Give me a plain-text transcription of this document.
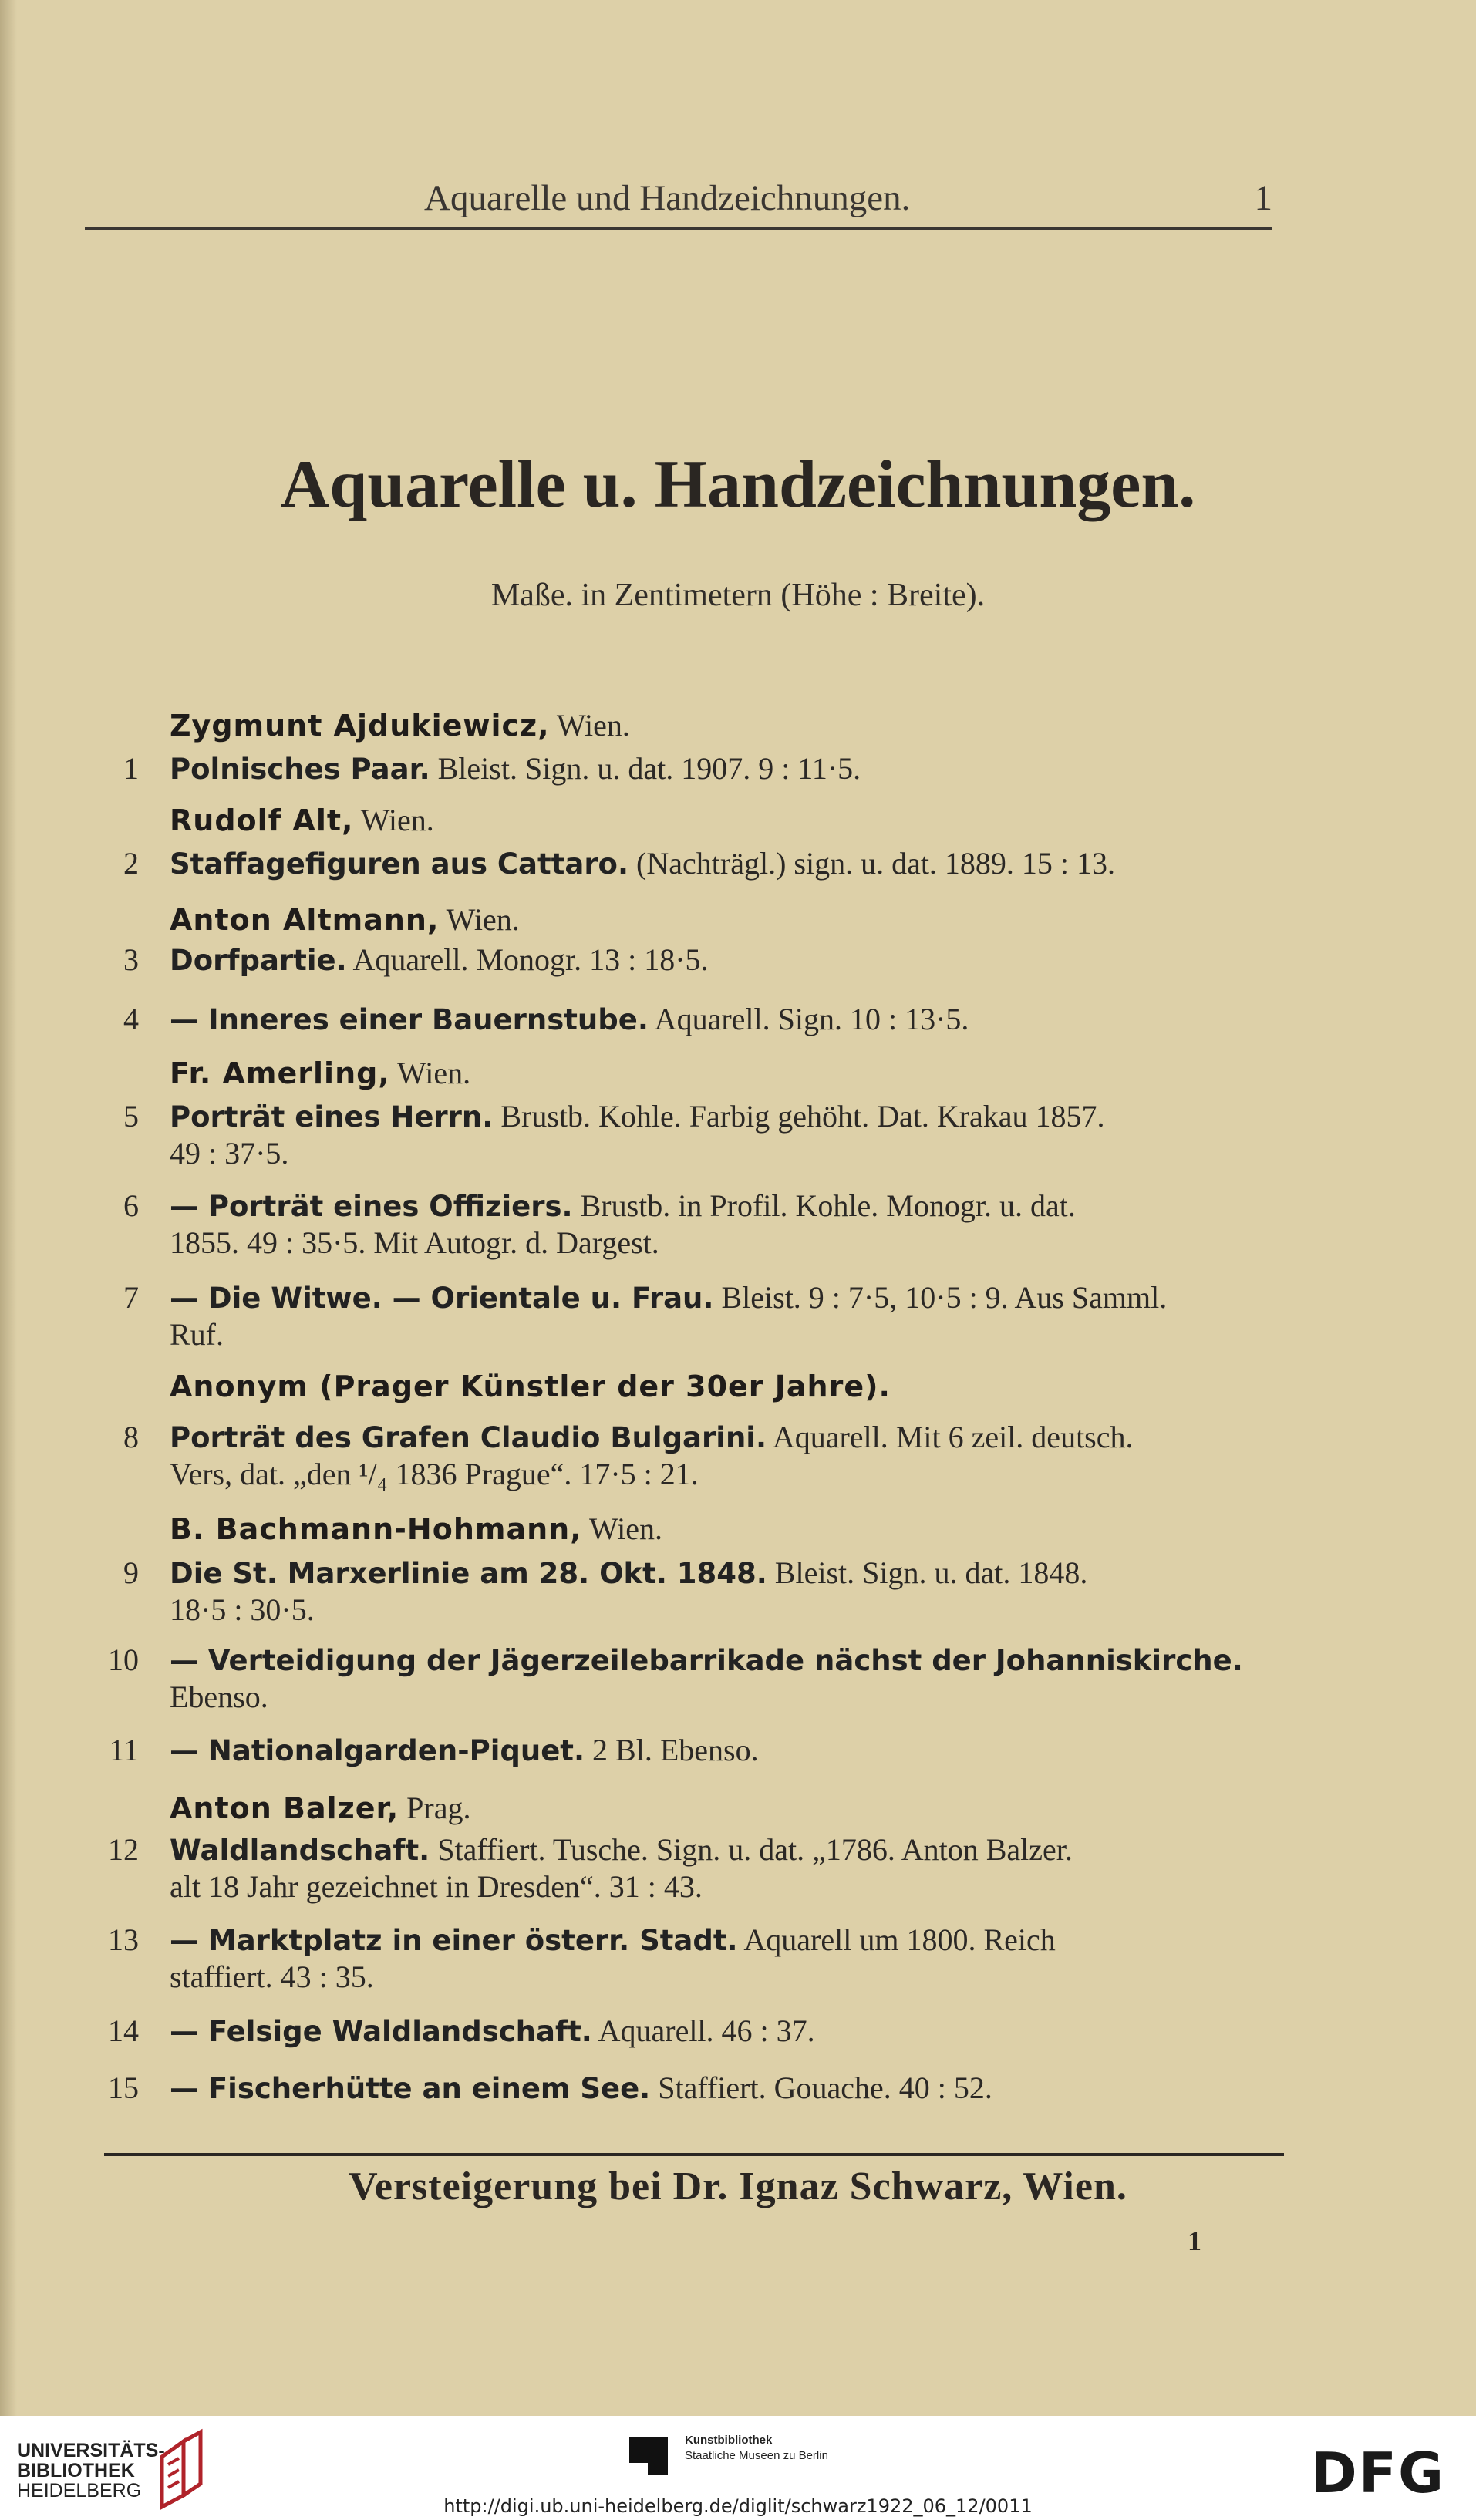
Aquarelle und Handzeichnungen.	1
Aquarelle u. Handzeichnungen.
Maße. in Zentimetern (Höhe : Breite).
Zygmunt Ajdukiewicz, Wien.
1 Polnisches Paar. Bleist. Sign. u. dat. 1907. 9 : 11·5.
Rudolf Alt, Wien.
2 Staffagefiguren aus Cattaro. (Nachträgl.) sign. u. dat. 1889. 15 : 13.
Anton Altmann, Wien.
3 Dorfpartie. Aquarell. Monogr. 13 : 18·5.
4 — Inneres einer Bauernstube. Aquarell. Sign. 10 : 13·5.
Fr. Amerling, Wien.
5 Porträt eines Herrn. Brustb. Kohle. Farbig gehöht. Dat. Krakau 1857.
49 : 37·5.
6 — Porträt eines Offiziers. Brustb. in Profil. Kohle. Monogr. u. dat.
1855. 49 : 35·5. Mit Autogr. d. Dargest.
7 — Die Witwe. — Orientale u. Frau. Bleist. 9 : 7·5, 10·5 : 9. Aus Samml.
Ruf.
Anonym (Prager Künstler der 30er Jahre).
8 Porträt des Grafen Claudio Bulgarini. Aquarell. Mit 6 zeil. deutsch.
Vers, dat. „den ¹/₄ 1836 Prague“. 17·5 : 21.
B. Bachmann-Hohmann, Wien.
9 Die St. Marxerlinie am 28. Okt. 1848. Bleist. Sign. u. dat. 1848.
18·5 : 30·5.
10 — Verteidigung der Jägerzeilebarrikade nächst der Johanniskirche.
Ebenso.
11 — Nationalgarden-Piquet. 2 Bl. Ebenso.
Anton Balzer, Prag.
12 Waldlandschaft. Staffiert. Tusche. Sign. u. dat. „1786. Anton Balzer.
alt 18 Jahr gezeichnet in Dresden“. 31 : 43.
13 — Marktplatz in einer österr. Stadt. Aquarell um 1800. Reich
staffiert. 43 : 35.
14 — Felsige Waldlandschaft. Aquarell. 46 : 37.
15 — Fischerhütte an einem See. Staffiert. Gouache. 40 : 52.
Versteigerung bei Dr. Ignaz Schwarz, Wien.
1
UNIVERSITÄTS-
BIBLIOTHEK
HEIDELBERG
Kunstbibliothek
Staatliche Museen zu Berlin	DFG
http://digi.ub.uni-heidelberg.de/diglit/schwarz1922_06_12/0011
